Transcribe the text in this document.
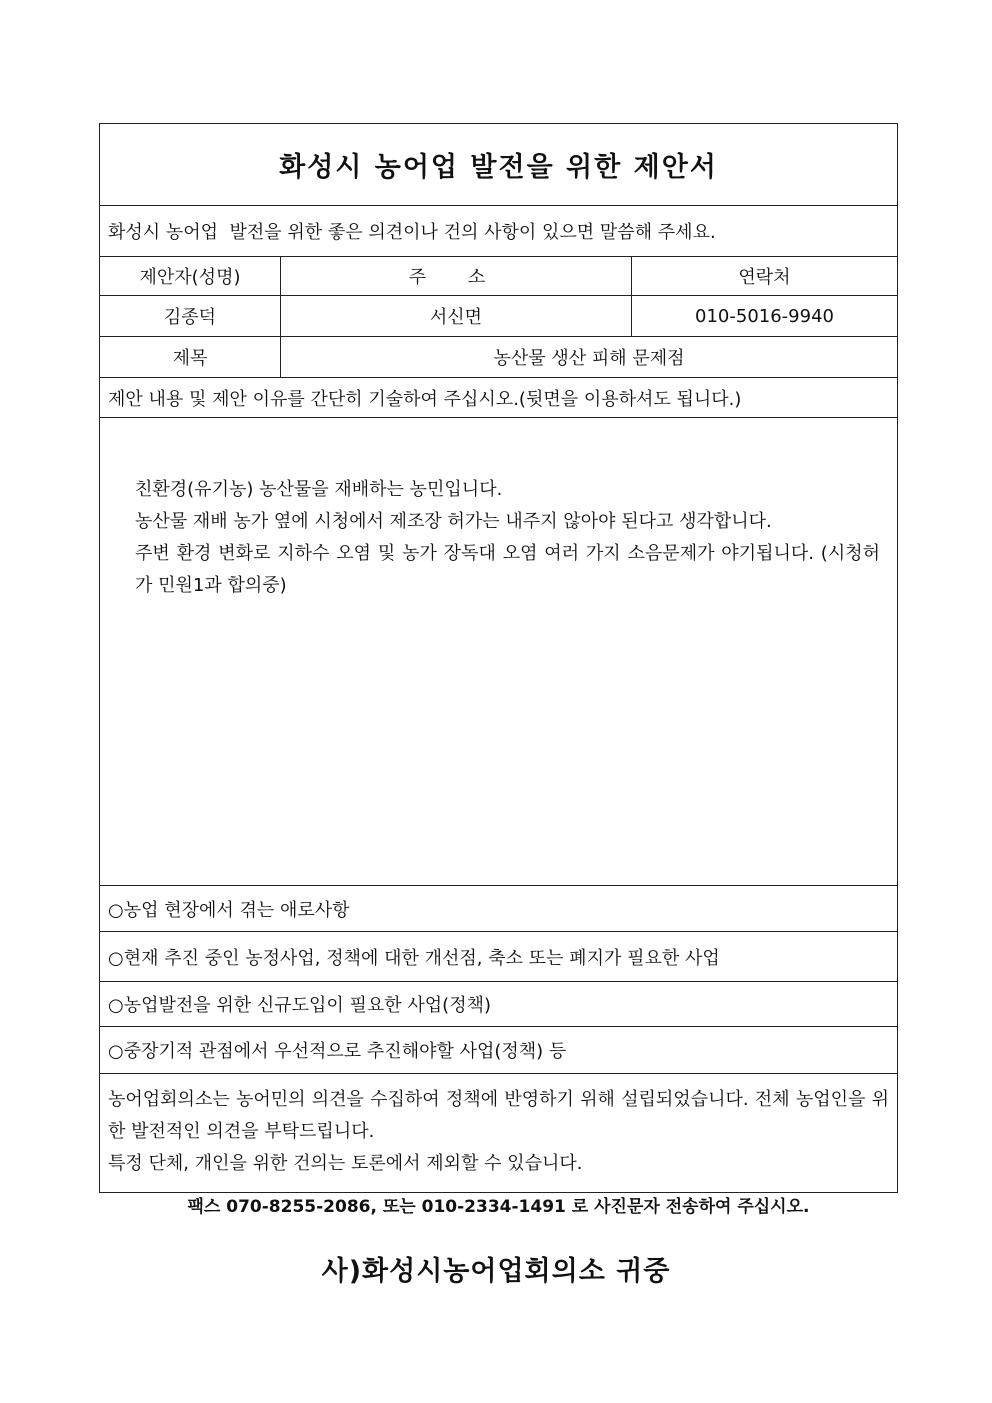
화성시 농어업 발전을 위한 제안서
화성시 농어업  발전을 위한 좋은 의견이나 건의 사항이 있으면 말씀해 주세요.
제안자(성명)	주 소	연락처
김종덕	서신면	010-5016-9940
제목	농산물 생산 피해 문제점
제안 내용 및 제안 이유를 간단히 기술하여 주십시오.(뒷면을 이용하셔도 됩니다.)

친환경(유기농) 농산물을 재배하는 농민입니다.

농산물 재배 농가 옆에 시청에서 제조장 허가는 내주지 않아야 된다고 생각합니다.

주변 환경 변화로 지하수 오염 및 농가 장독대 오염 여러 가지 소음문제가 야기됩니다. (시청허가 민원1과 합의중)

○농업 현장에서 겪는 애로사항
○현재 추진 중인 농정사업, 정책에 대한 개선점, 축소 또는 폐지가 필요한 사업
○농업발전을 위한 신규도입이 필요한 사업(정책)
○중장기적 관점에서 우선적으로 추진해야할 사업(정책) 등

농어업회의소는 농어민의 의견을 수집하여 정책에 반영하기 위해 설립되었습니다. 전체 농업인을 위한 발전적인 의견을 부탁드립니다.

특정 단체, 개인을 위한 건의는 토론에서 제외할 수 있습니다.

팩스 070-8255-2086, 또는 010-2334-1491 로 사진문자 전송하여 주십시오.
사)화성시농어업회의소 귀중
